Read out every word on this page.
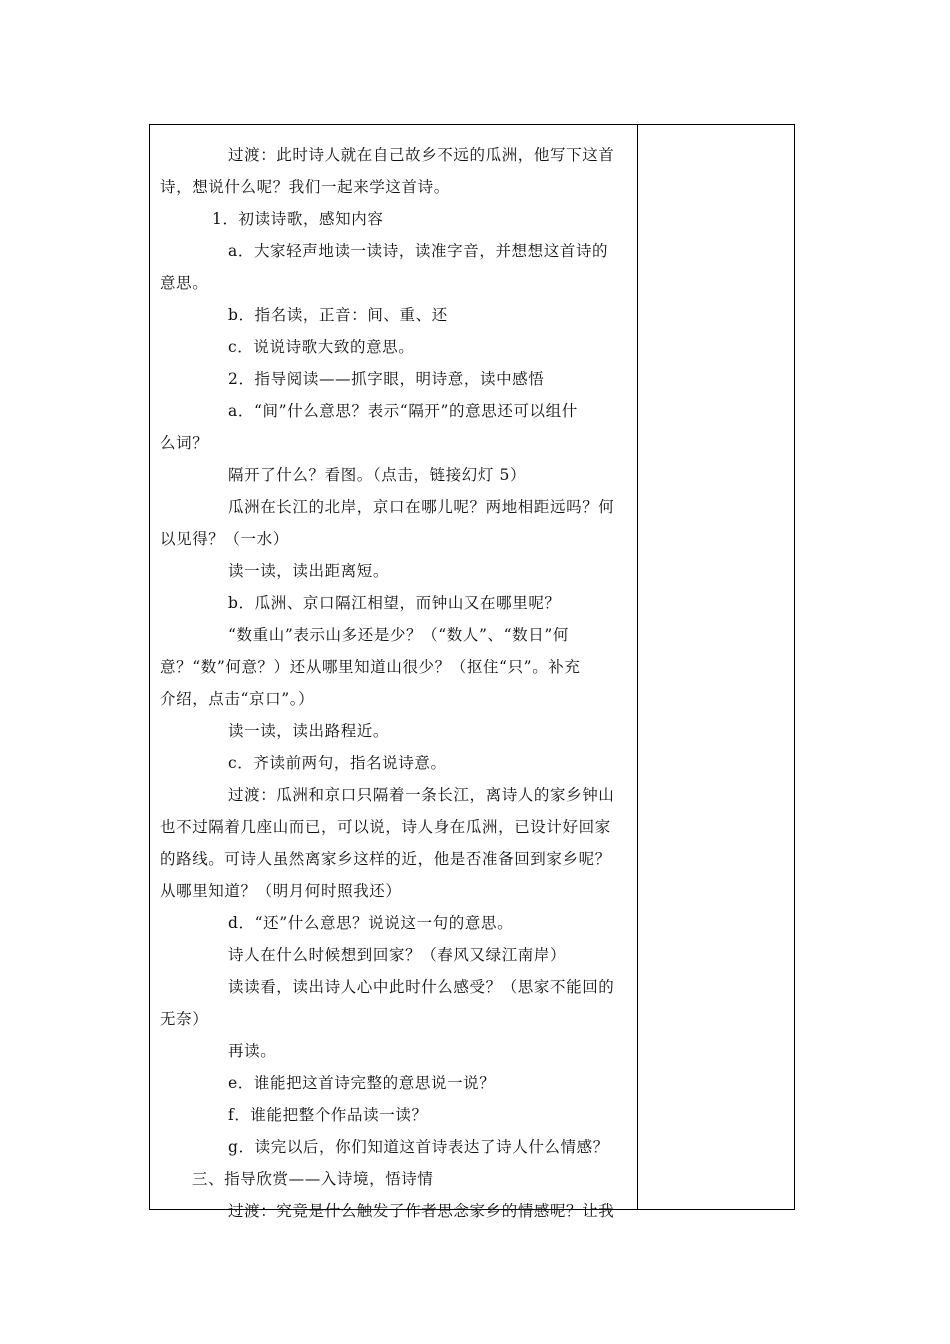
过渡：此时诗人就在自己故乡不远的瓜洲，他写下这首
诗，想说什么呢？我们一起来学这首诗。
1．初读诗歌，感知内容
a．大家轻声地读一读诗，读准字音，并想想这首诗的
意思。
b．指名读，正音：间、重、还
c．说说诗歌大致的意思。
2．指导阅读——抓字眼，明诗意，读中感悟
a．“间”什么意思？表示“隔开”的意思还可以组什
么词？
隔开了什么？看图。（点击，链接幻灯 5）
瓜洲在长江的北岸，京口在哪儿呢？两地相距远吗？何
以见得？（一水）
读一读，读出距离短。
b．瓜洲、京口隔江相望，而钟山又在哪里呢？
“数重山”表示山多还是少？（“数人”、“数日”何
意？“数”何意？）还从哪里知道山很少？（抠住“只”。补充
介绍，点击“京口”。）
读一读，读出路程近。
c．齐读前两句，指名说诗意。
过渡：瓜洲和京口只隔着一条长江，离诗人的家乡钟山
也不过隔着几座山而已，可以说，诗人身在瓜洲，已设计好回家
的路线。可诗人虽然离家乡这样的近，他是否准备回到家乡呢？
从哪里知道？（明月何时照我还）
d．“还”什么意思？说说这一句的意思。
诗人在什么时候想到回家？（春风又绿江南岸）
读读看，读出诗人心中此时什么感受？（思家不能回的
无奈）
再读。
e．谁能把这首诗完整的意思说一说？
f．谁能把整个作品读一读？
g．读完以后，你们知道这首诗表达了诗人什么情感？
三、指导欣赏——入诗境，悟诗情
过渡：究竟是什么触发了作者思念家乡的情感呢？让我
